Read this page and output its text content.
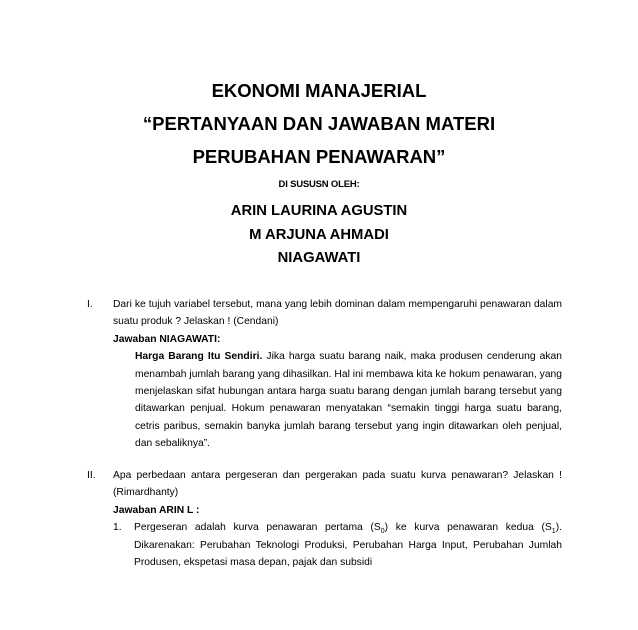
EKONOMI MANAJERIAL
“PERTANYAAN DAN JAWABAN MATERI
PERUBAHAN PENAWARAN”
DI SUSUSN OLEH:
ARIN LAURINA AGUSTIN
M ARJUNA AHMADI
NIAGAWATI
I. Dari ke tujuh variabel tersebut, mana yang lebih dominan dalam mempengaruhi penawaran dalam suatu produk ? Jelaskan ! (Cendani)
Jawaban NIAGAWATI:
Harga Barang Itu Sendiri. Jika harga suatu barang naik, maka produsen cenderung akan menambah jumlah barang yang dihasilkan. Hal ini membawa kita ke hokum penawaran, yang menjelaskan sifat hubungan antara harga suatu barang dengan jumlah barang tersebut yang ditawarkan penjual. Hokum penawaran menyatakan “semakin tinggi harga suatu barang, cetris paribus, semakin banyka jumlah barang tersebut yang ingin ditawarkan oleh penjual, dan sebaliknya”.
II. Apa perbedaan antara pergeseran dan pergerakan pada suatu kurva penawaran? Jelaskan ! (Rimardhanty)
Jawaban ARIN L :
1. Pergeseran adalah kurva penawaran pertama $(S_0)$ ke kurva penawaran kedua $(S_1)$. Dikarenakan: Perubahan Teknologi Produksi, Perubahan Harga Input, Perubahan Jumlah Produsen, ekspetasi masa depan, pajak dan subsidi
